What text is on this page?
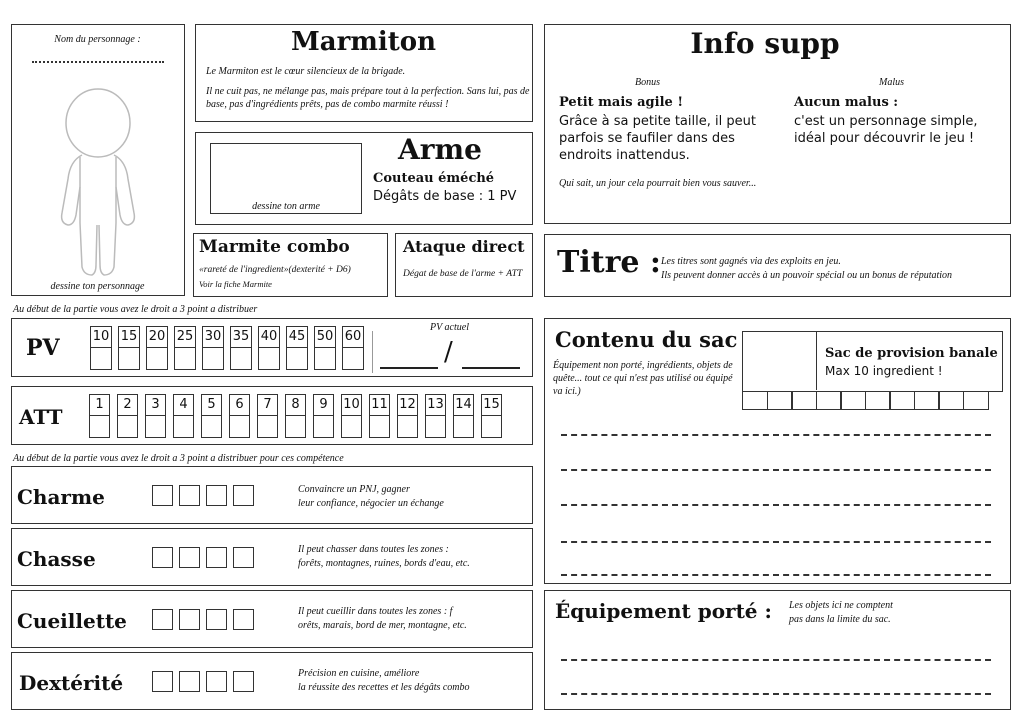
Nom du personnage :
dessine ton personnage
Marmiton
Le Marmiton est le cœur silencieux de la brigade.
Il ne cuit pas, ne mélange pas, mais prépare tout à la perfection. Sans lui, pas de base, pas d'ingrédients prêts, pas de combo marmite réussi !
dessine ton arme
Arme
Couteau éméché
Dégâts de base : 1 PV
Marmite combo
«rareté de l'ingredient»(dexterité + D6)
Voir la fiche Marmite
Ataque direct
Dégat de base de l'arme + ATT
Info supp
Bonus	Malus
Petit mais agile !
Grâce à sa petite taille, il peut parfois se faufiler dans des endroits inattendus.
Qui sait, un jour cela pourrait bien vous sauver...
Aucun malus :
c'est un personnage simple, idéal pour découvrir le jeu !
Titre : Les titres sont gagnés via des exploits en jeu.
Ils peuvent donner accès à un pouvoir spécial ou un bonus de réputation
Au début de la partie vous avez le droit a 3 point a distribuer
PV	10 15 20 25 30 35 40 45 50 60
PV actuel
/
ATT
1	2	3	4	5	6	7	8	9	10 11 12 13 14 15
Au début de la partie vous avez le droit a 3 point a distribuer pour ces compétence
Charme	Convaincre un PNJ, gagner
leur confiance, négocier un échange
Chasse	Il peut chasser dans toutes les zones :
forêts, montagnes, ruines, bords d'eau, etc.
Cueillette	Il peut cueillir dans toutes les zones : f
orêts, marais, bord de mer, montagne, etc.
Dextérité	Précision en cuisine, améliore
la réussite des recettes et les dégâts combo
Contenu du sac
Équipement non porté, ingrédients, objets de quête... tout ce qui n'est pas utilisé ou équipé va ici.)
Sac de provision banale
Max 10 ingredient !
Équipement porté : Les objets ici ne comptent
pas dans la limite du sac.
